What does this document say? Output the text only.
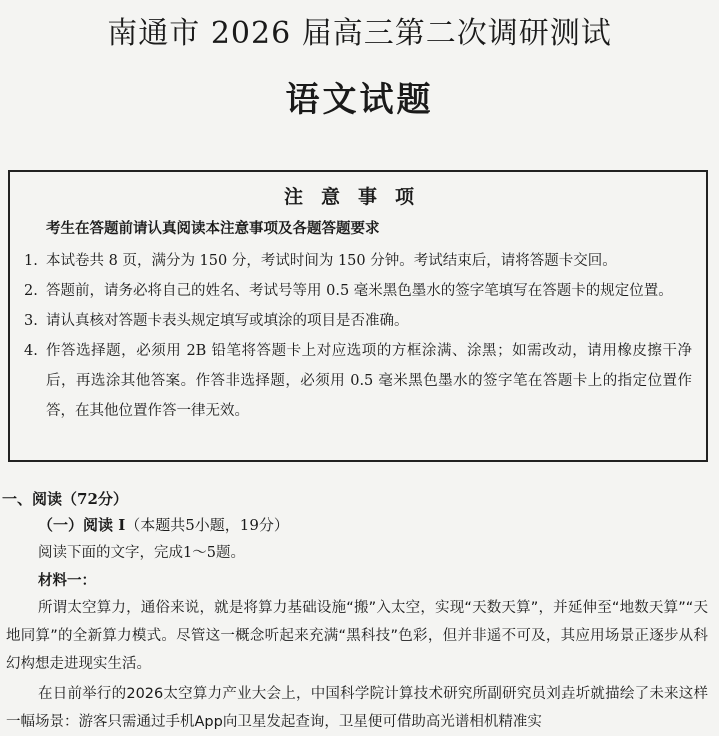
南通市 2026 届高三第二次调研测试
语文试题
注意事项
考生在答题前请认真阅读本注意事项及各题答题要求
1. 本试卷共 8 页，满分为 150 分，考试时间为 150 分钟。考试结束后，请将答题卡交回。
2. 答题前，请务必将自己的姓名、考试号等用 0.5 毫米黑色墨水的签字笔填写在答题卡的规定位置。
3. 请认真核对答题卡表头规定填写或填涂的项目是否准确。
4. 作答选择题，必须用 2B 铅笔将答题卡上对应选项的方框涂满、涂黑；如需改动，请用橡皮擦干净后，再选涂其他答案。作答非选择题，必须用 0.5 毫米黑色墨水的签字笔在答题卡上的指定位置作答，在其他位置作答一律无效。
一、阅读（72分）
（一）阅读 Ⅰ（本题共5小题，19分）
阅读下面的文字，完成1～5题。
材料一：
所谓太空算力，通俗来说，就是将算力基础设施“搬”入太空，实现“天数天算”，并延伸至“地数天算”“天地同算”的全新算力模式。尽管这一概念听起来充满“黑科技”色彩，但并非遥不可及，其应用场景正逐步从科幻构想走进现实生活。
在日前举行的2026太空算力产业大会上，中国科学院计算技术研究所副研究员刘垚圻就描绘了未来这样一幅场景：游客只需通过手机App向卫星发起查询，卫星便可借助高光谱相机精准实
